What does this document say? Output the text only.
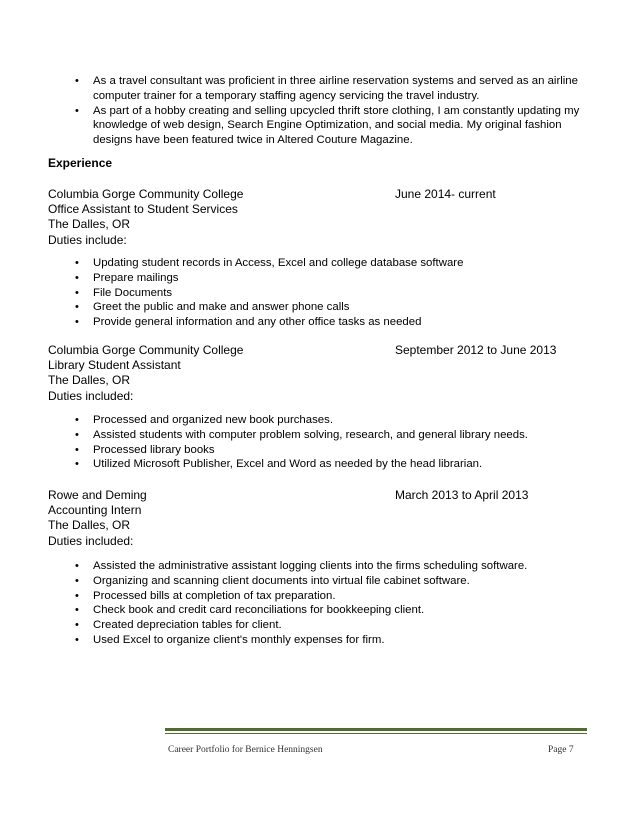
• As a travel consultant was proficient in three airline reservation systems and served as an airline computer trainer for a temporary staffing agency servicing the travel industry.
• As part of a hobby creating and selling upcycled thrift store clothing, I am constantly updating my knowledge of web design, Search Engine Optimization, and social media. My original fashion designs have been featured twice in Altered Couture Magazine.
Experience
Columbia Gorge Community College	June 2014- current
Office Assistant to Student Services
The Dalles, OR
Duties include:
• Updating student records in Access, Excel and college database software
• Prepare mailings
• File Documents
• Greet the public and make and answer phone calls
• Provide general information and any other office tasks as needed
Columbia Gorge Community College	September 2012 to June 2013
Library Student Assistant
The Dalles, OR
Duties included:
• Processed and organized new book purchases.
• Assisted students with computer problem solving, research, and general library needs.
• Processed library books
• Utilized Microsoft Publisher, Excel and Word as needed by the head librarian.
Rowe and Deming	March 2013 to April 2013
Accounting Intern
The Dalles, OR
Duties included:
• Assisted the administrative assistant logging clients into the firms scheduling software.
• Organizing and scanning client documents into virtual file cabinet software.
• Processed bills at completion of tax preparation.
• Check book and credit card reconciliations for bookkeeping client.
• Created depreciation tables for client.
• Used Excel to organize client's monthly expenses for firm.
Career Portfolio for Bernice Henningsen	Page 7
